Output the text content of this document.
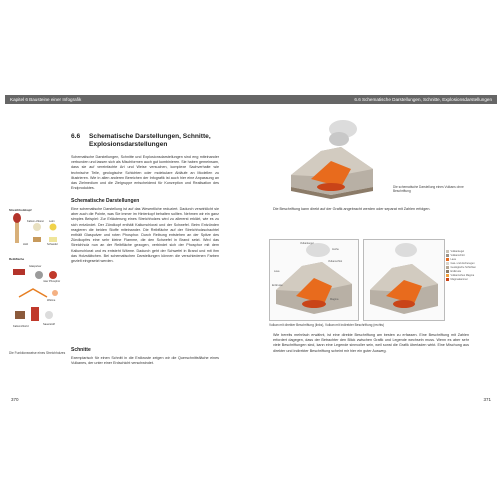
Kapitel 6 Bausteine einer Infografik
6.6	Schematische Darstellungen, Schnitte, Explosionsdarstellungen
Schematische Darstellungen, Schnitte und Explosionsdarstellungen sind eng miteinander verbunden und lassen sich als Mischformen auch gut kombinieren. Sie haben gemeinsam, dass sie auf vereinfachte Art und Weise versuchen, komplexe Sachverhalte wie technische Teile, geologische Schichten oder molekulare Abläufe an Modellen zu illustrieren. Wie in allen anderen Bereichen der Infografik ist auch hier eine Anpassung an das Zielmedium und die Zielgruppe entscheidend für Konzeption und Realisation des Endproduktes.
Schematische Darstellungen
Eine schematische Darstellung ist auf das Wesentliche reduziert. Dadurch verwirklicht sie aber auch die Pointe, was Sie immer im Hinterkopf behalten sollten. Nehmen wir ein ganz simples Beispiel: Zur Erläuterung eines Streichholzes wird zu allererst erklärt, wie es zu sich entzündet. Der Zündkopf enthält Kaliumchlorat und der Schwefel. Beim Entzünden reagieren die beiden Stoffe miteinander. Die Reibfläche auf der Streichholzschachtel enthält Glaspulver und roten Phosphor. Durch Reibung entstehen an der Spitze des Zündkopfes eine sehr kleine Flamme, die den Schwefel in Brand setzt. Wird das Streichholz nun an der Reibfläche gezogen, verbindet sich der Phosphor mit dem Kaliumchlorat und es entsteht Wärme. Dadurch geht der Schwefel in Brand und mit ihm das Holzstäbchen. Bei schematischen Darstellungen können die verschiedenen Farben gezielt eingesetzt werden.
Streichholzkopf
Kalium-chlorat Leim
Holz	Schwefel
Reibfläche
Glaspulver
roter Phosphor
Wärme
Sauerstoff
Kaliumchlorid
Die Funktionsweise eines Streichholzes	Schnitte
Exemplarisch für einen Schnitt in die Erdkruste zeigen wir die Querschnittsfläche eines Vulkanes, der unter einer Erdschicht verschwindet.
370
6.6 Schematische Darstellungen, Schnitte, Explosionsdarstellungen
Die schematische Darstellung eines Vulkans ohne Beschriftung
Die Beschriftung kann direkt auf der Grafik angebracht werden oder separat mit Zahlen erfolgen.
Vulkankegel
Vulkanschlot
Erdkruste
Magma
Lava
Asche	Vulkankegel
Vulkanschlot
Lava
Gas- und Ascheregen
Geologische Schichten
Erdkruste
Vulkanisches Magma
Magmakammer
Vulkan mit direkter Beschriftung (links), Vulkan mit indirekter Beschriftung (rechts)
Wie bereits mehrfach erwähnt, ist eine direkte Beschriftung am besten zu erfassen. Eine Beschriftung mit Zahlen erfordert dagegen, dass der Betrachter den Blick zwischen Grafik und Legende wechseln muss. Wenn es aber sehr viele Beschriftungen sind, kann eine Legende sinnvoller sein, weil sonst die Grafik überladen wirkt. Eine Mischung aus direkter und indirekter Beschriftung scheint mir hier ein guter Ausweg.
371
